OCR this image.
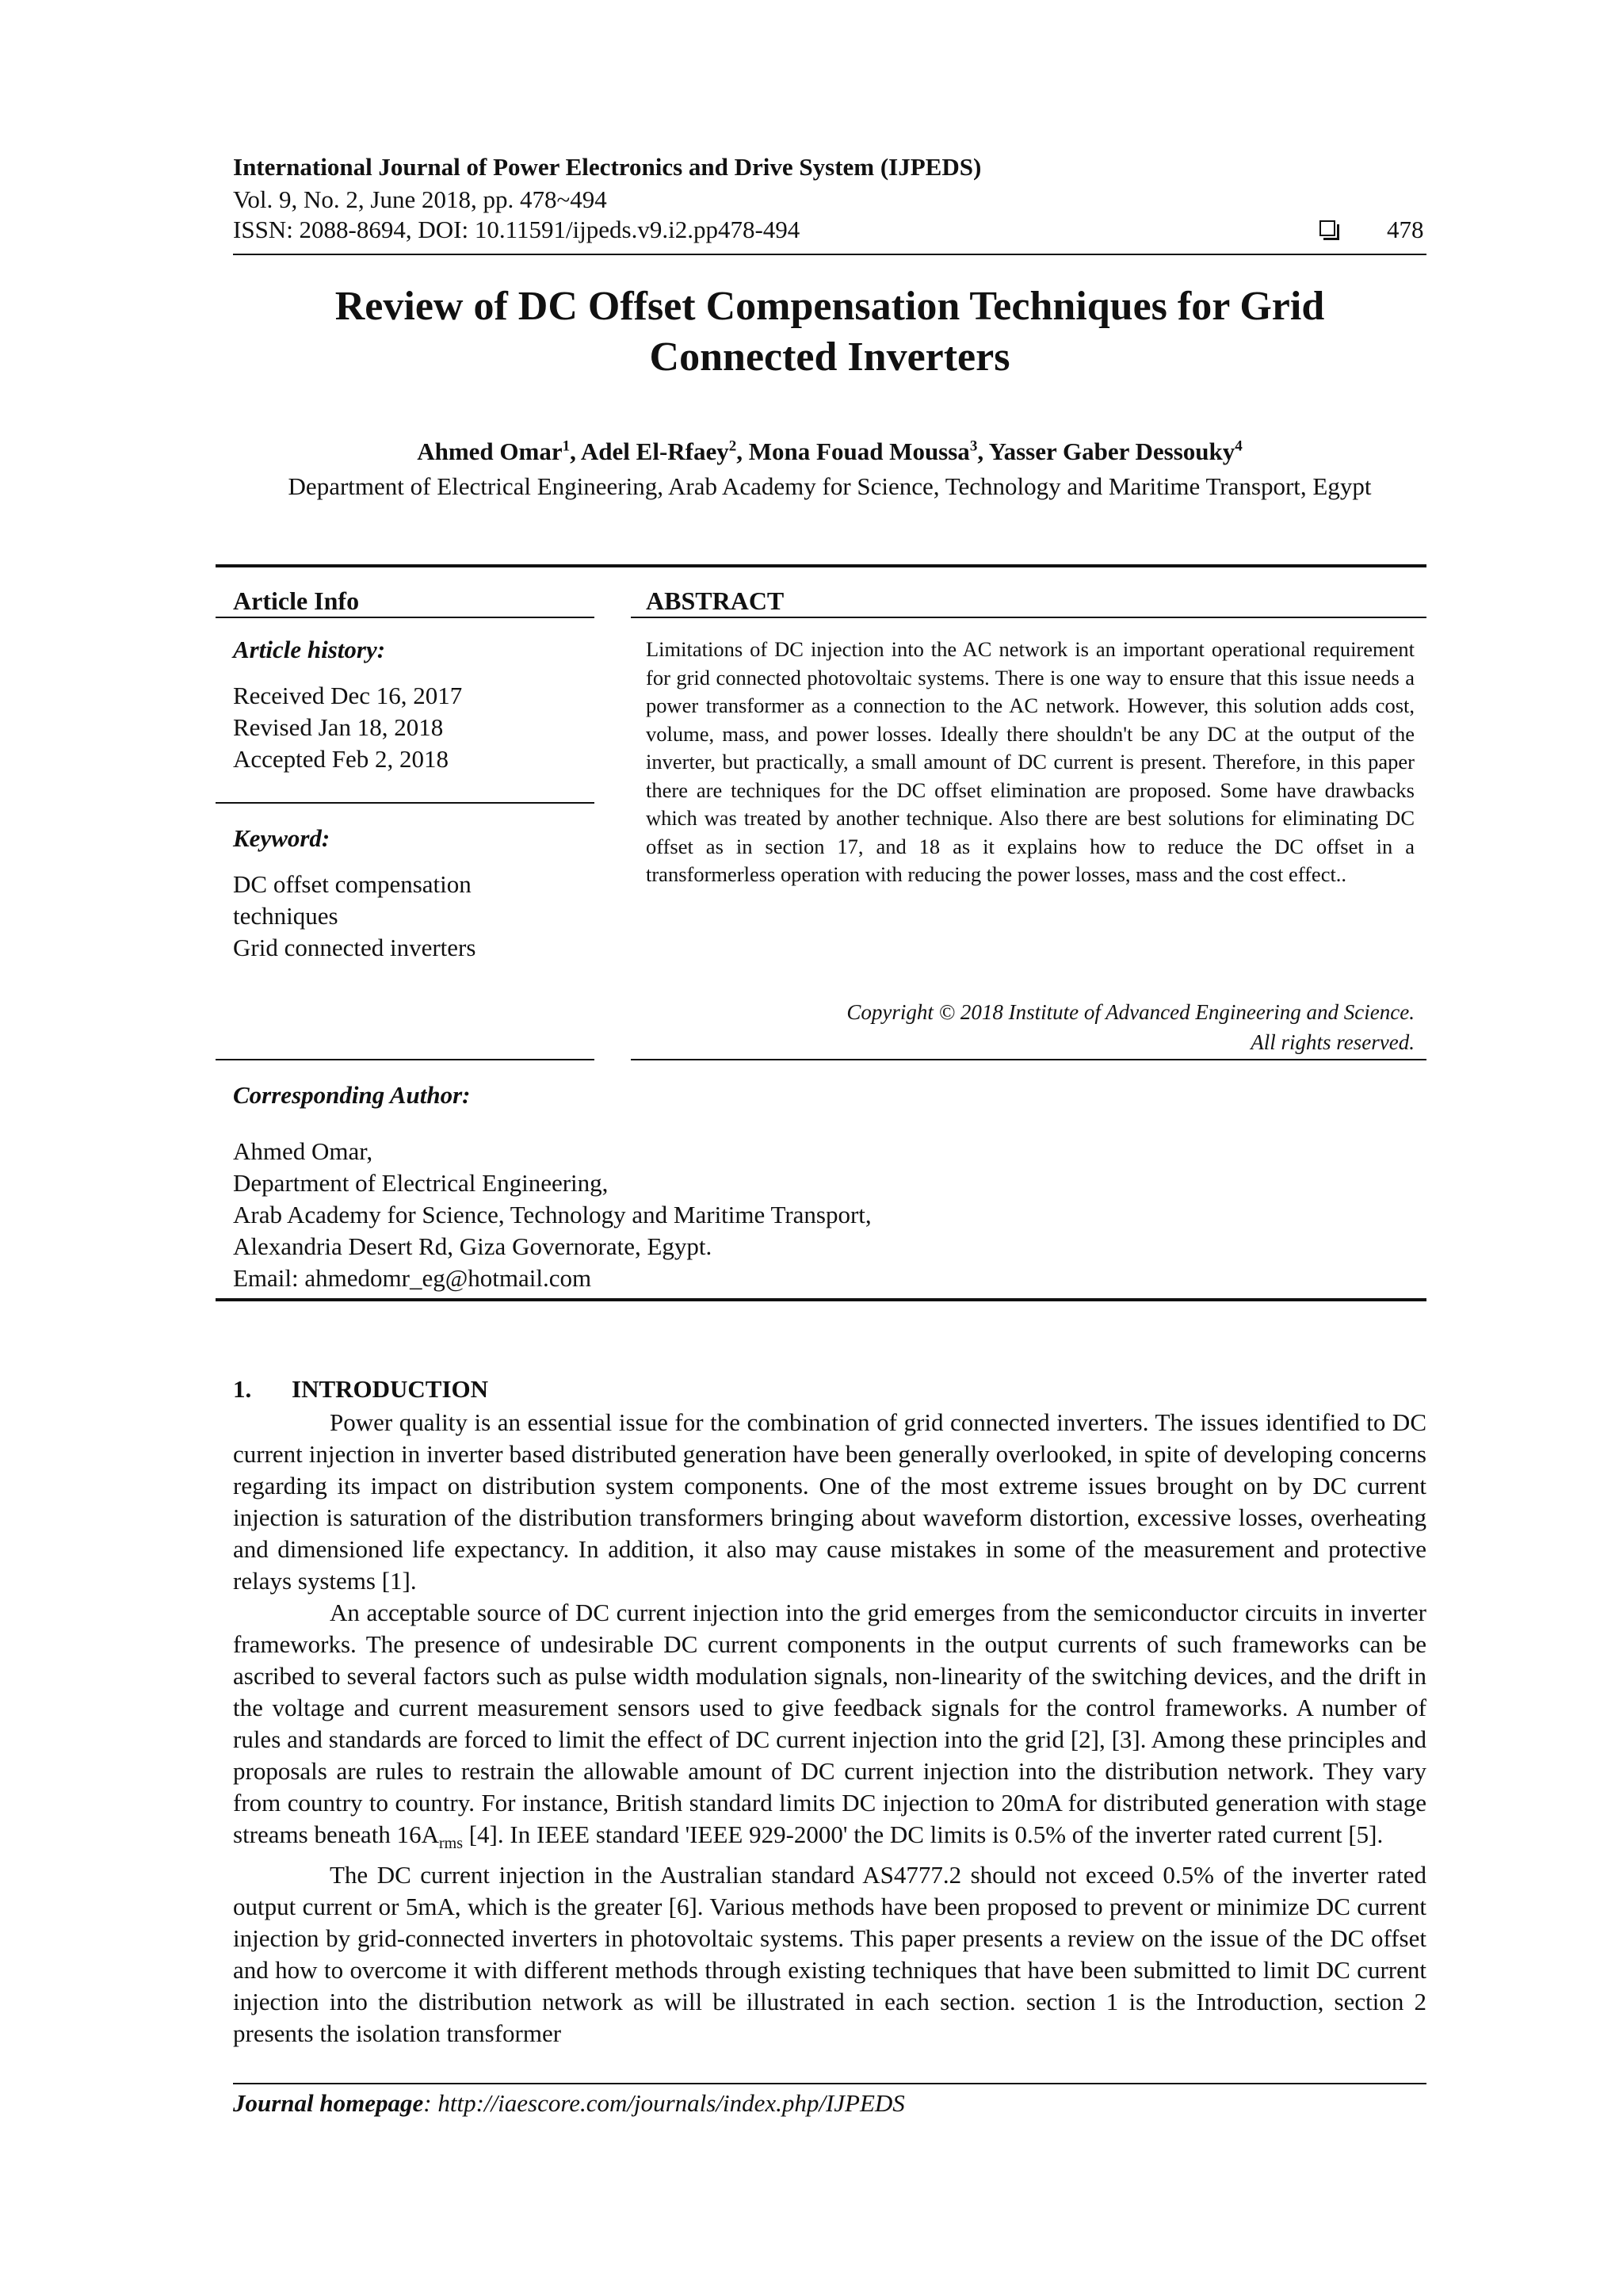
International Journal of Power Electronics and Drive System (IJPEDS)
Vol. 9, No. 2, June 2018, pp. 478~494
ISSN: 2088-8694, DOI: 10.11591/ijpeds.v9.i2.pp478-494	478
Review of DC Offset Compensation Techniques for Grid
Connected Inverters
Ahmed Omar$^1$, Adel El-Rfaey$^2$, Mona Fouad Moussa$^3$, Yasser Gaber Dessouky$^4$
Department of Electrical Engineering, Arab Academy for Science, Technology and Maritime Transport, Egypt
Article Info
Article history:
Received Dec 16, 2017
Revised Jan 18, 2018
Accepted Feb 2, 2018
Keyword:
DC offset compensation
techniques
Grid connected inverters
ABSTRACT
Limitations of DC injection into the AC network is an important operational requirement for grid connected photovoltaic systems. There is one way to ensure that this issue needs a power transformer as a connection to the AC network. However, this solution adds cost, volume, mass, and power losses. Ideally there shouldn't be any DC at the output of the inverter, but practically, a small amount of DC current is present. Therefore, in this paper there are techniques for the DC offset elimination are proposed. Some have drawbacks which was treated by another technique. Also there are best solutions for eliminating DC offset as in section 17, and 18 as it explains how to reduce the DC offset in a transformerless operation with reducing the power losses, mass and the cost effect..
Copyright © 2018 Institute of Advanced Engineering and Science.
All rights reserved.
Corresponding Author:
Ahmed Omar,
Department of Electrical Engineering,
Arab Academy for Science, Technology and Maritime Transport,
Alexandria Desert Rd, Giza Governorate, Egypt.
Email: ahmedomr_eg@hotmail.com
1. INTRODUCTION

Power quality is an essential issue for the combination of grid connected inverters. The issues identified to DC current injection in inverter based distributed generation have been generally overlooked, in spite of developing concerns regarding its impact on distribution system components. One of the most extreme issues brought on by DC current injection is saturation of the distribution transformers bringing about waveform distortion, excessive losses, overheating and dimensioned life expectancy. In addition, it also may cause mistakes in some of the measurement and protective relays systems [1].

An acceptable source of DC current injection into the grid emerges from the semiconductor circuits in inverter frameworks. The presence of undesirable DC current components in the output currents of such frameworks can be ascribed to several factors such as pulse width modulation signals, non-linearity of the switching devices, and the drift in the voltage and current measurement sensors used to give feedback signals for the control frameworks. A number of rules and standards are forced to limit the effect of DC current injection into the grid [2], [3]. Among these principles and proposals are rules to restrain the allowable amount of DC current injection into the distribution network. They vary from country to country. For instance, British standard limits DC injection to 20mA for distributed generation with stage streams beneath $16A_{rms}$ [4]. In IEEE standard 'IEEE 929-2000' the DC limits is 0.5% of the inverter rated current [5].

The DC current injection in the Australian standard AS4777.2 should not exceed 0.5% of the inverter rated output current or 5mA, which is the greater [6]. Various methods have been proposed to prevent or minimize DC current injection by grid-connected inverters in photovoltaic systems. This paper presents a review on the issue of the DC offset and how to overcome it with different methods through existing techniques that have been submitted to limit DC current injection into the distribution network as will be illustrated in each section. section 1 is the Introduction, section 2 presents the isolation transformer

Journal homepage: http://iaescore.com/journals/index.php/IJPEDS
